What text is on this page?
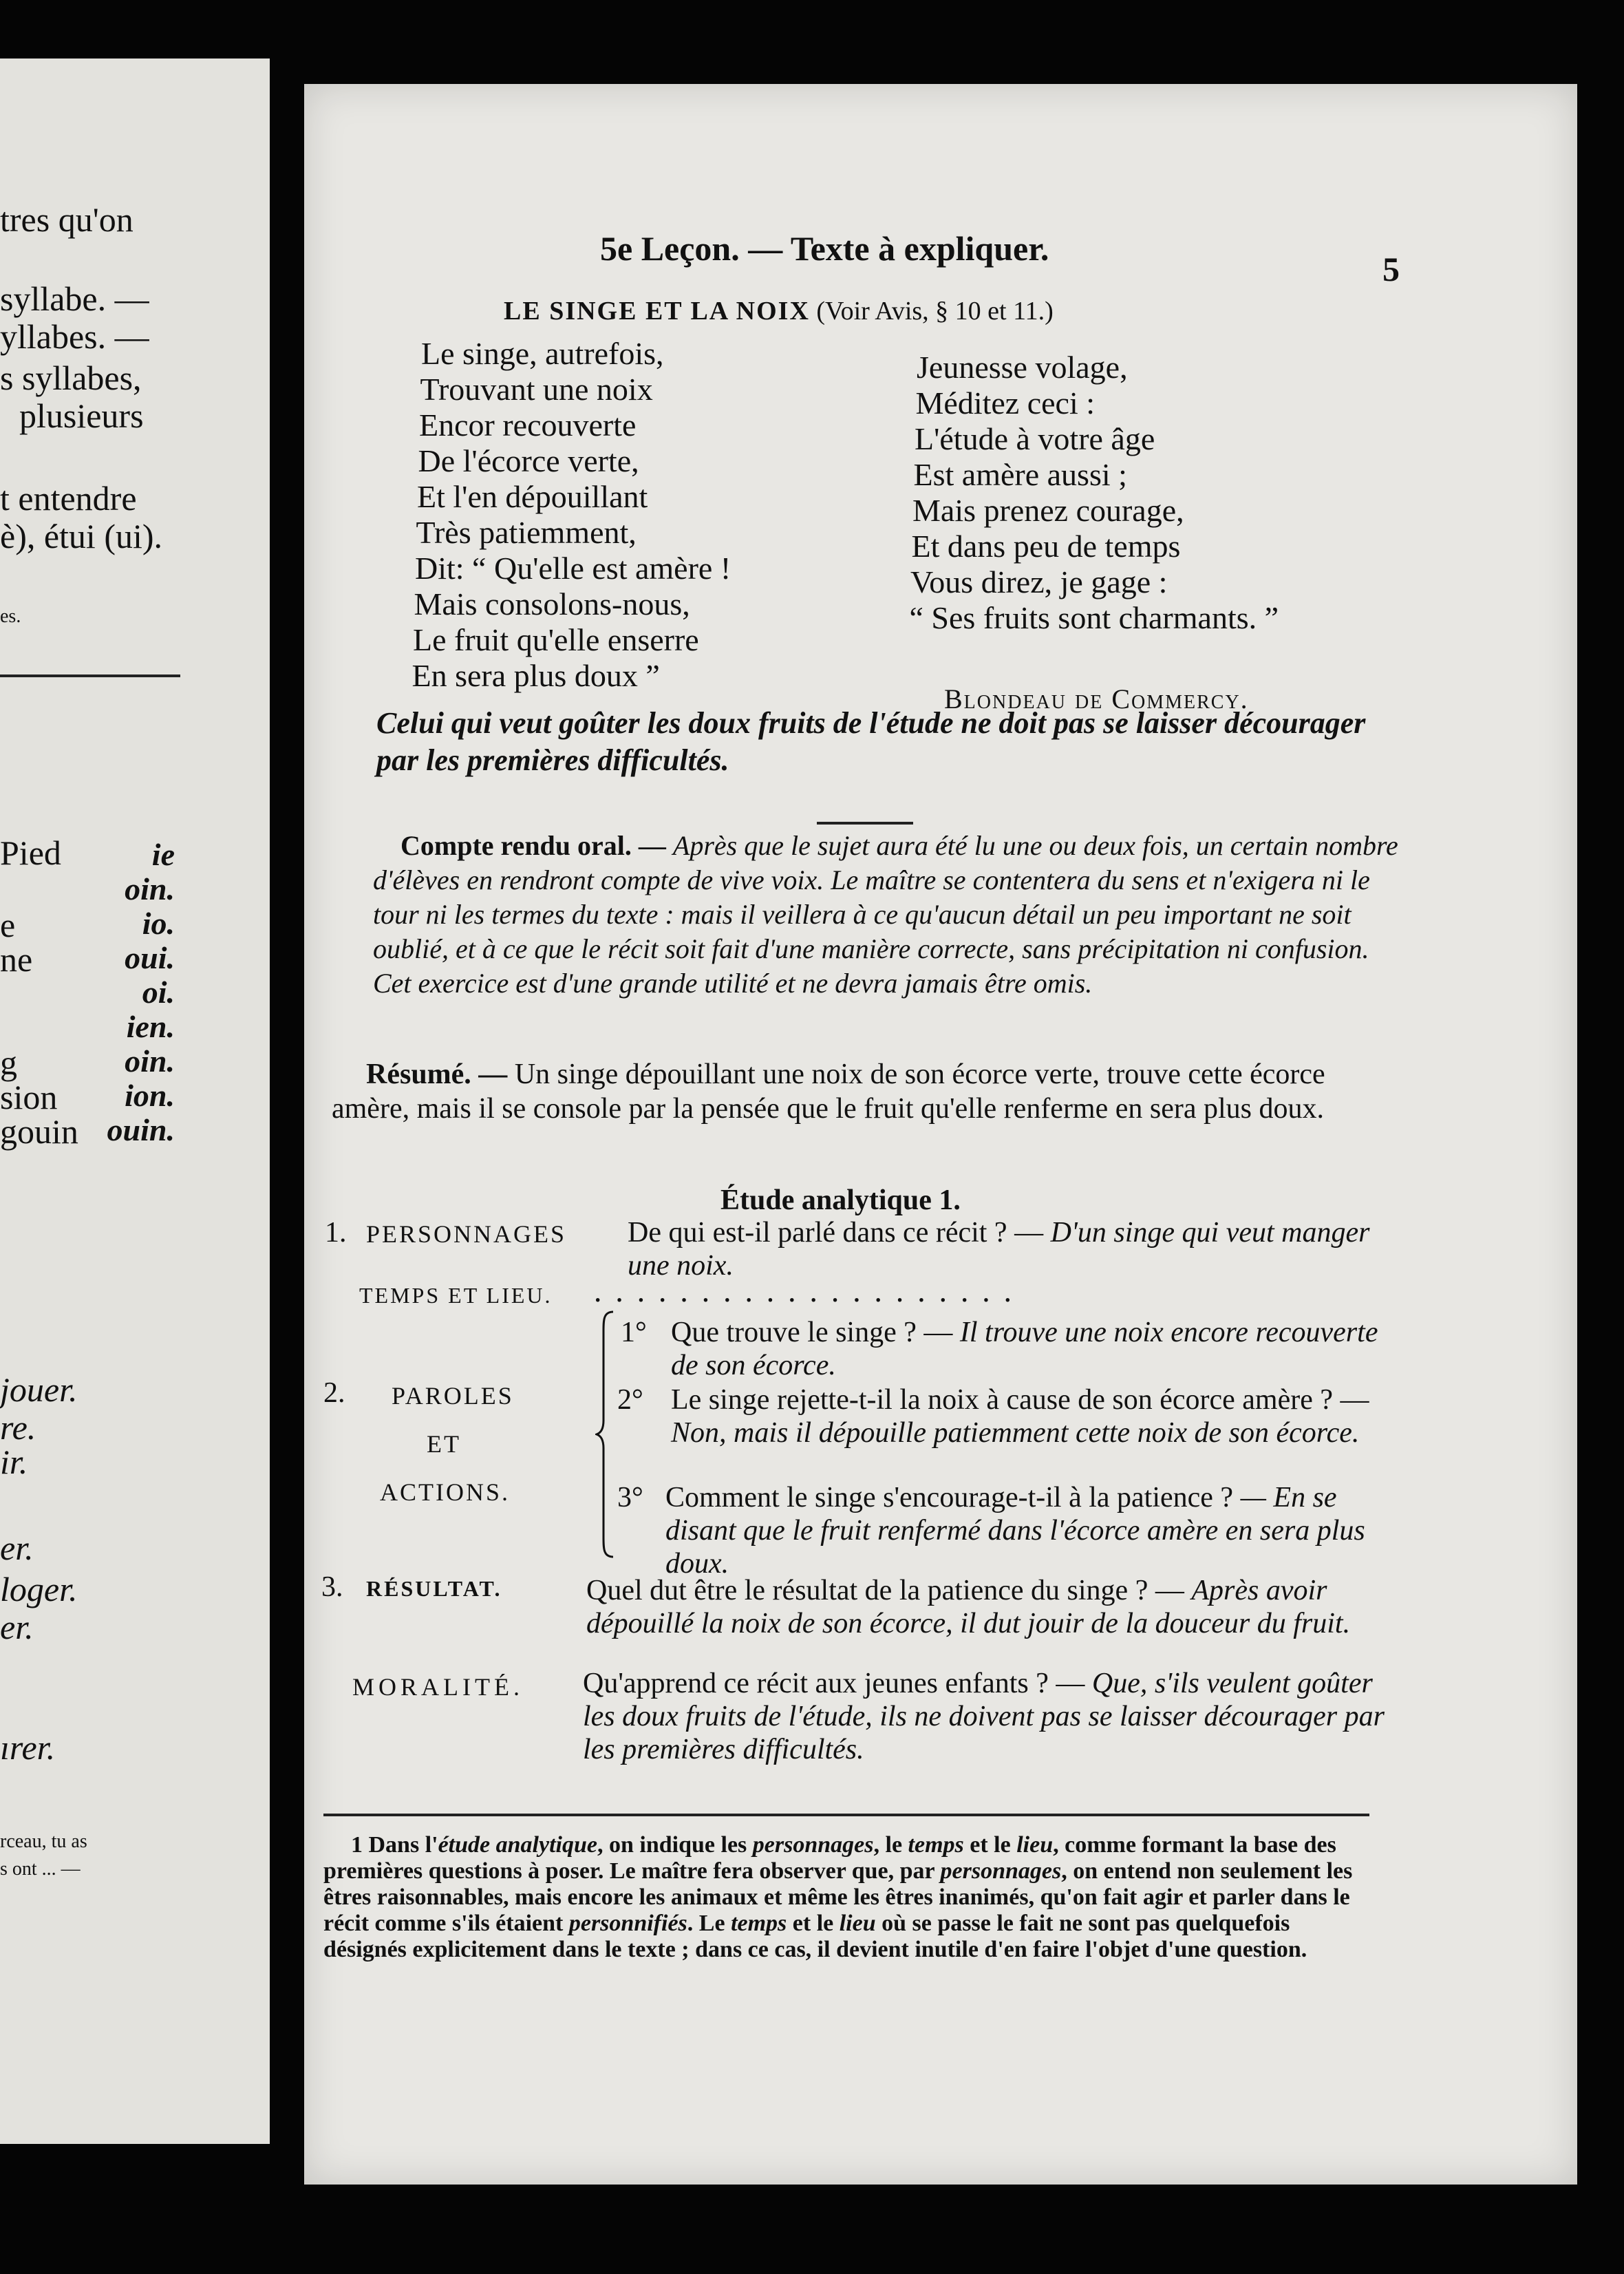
tres qu'on
syllabe. —
yllabes. —
s syllabes,
plusieurs
t entendre
è), étui (ui).
es.
Pied
e
ne
g
sion
gouin
jouer.
re.
ir.
er.
loger.
er.
ırer.
rceau, tu as
s ont ... —
ie
oin.
io.
oui.
oi.
ien.
oin.
ion.
ouin.
5e Leçon. — Texte à expliquer.
5
LE SINGE ET LA NOIX (Voir Avis, § 10 et 11.)
Le singe, autrefois,
Trouvant une noix
Encor recouverte
De l'écorce verte,
Et l'en dépouillant
Très patiemment,
Dit: “ Qu'elle est amère !
Mais consolons-nous,
Le fruit qu'elle enserre
En sera plus doux ”
Jeunesse volage,
Méditez ceci :
L'étude à votre âge
Est amère aussi ;
Mais prenez courage,
Et dans peu de temps
Vous direz, je gage :
“ Ses fruits sont charmants. ”
Blondeau de Commercy.
Celui qui veut goûter les doux fruits de l'étude ne doit pas se laisser décourager par les premières difficultés.
Compte rendu oral. — Après que le sujet aura été lu une ou deux fois, un certain nombre d'élèves en rendront compte de vive voix. Le maître se contentera du sens et n'exigera ni le tour ni les termes du texte : mais il veillera à ce qu'aucun détail un peu important ne soit oublié, et à ce que le récit soit fait d'une manière correcte, sans précipitation ni confusion. Cet exercice est d'une grande utilité et ne devra jamais être omis.
Résumé. — Un singe dépouillant une noix de son écorce verte, trouve cette écorce amère, mais il se console par la pensée que le fruit qu'elle renferme en sera plus doux.
Étude analytique 1.
1. PERSONNAGES De qui est-il parlé dans ce récit ? — D'un singe qui veut manger une noix.
TEMPS ET LIEU. ....................
2. PAROLES
ET
ACTIONS.
1° Que trouve le singe ? — Il trouve une noix encore recouverte de son écorce.
2° Le singe rejette-t-il la noix à cause de son écorce amère ? — Non, mais il dépouille patiemment cette noix de son écorce.
3° Comment le singe s'encourage-t-il à la patience ? — En se disant que le fruit renfermé dans l'écorce amère en sera plus doux.
3. RÉSULTAT.	Quel dut être le résultat de la patience du singe ? — Après avoir dépouillé la noix de son écorce, il dut jouir de la douceur du fruit.
MORALITÉ. Qu'apprend ce récit aux jeunes enfants ? — Que, s'ils veulent goûter les doux fruits de l'étude, ils ne doivent pas se laisser décourager par les premières difficultés.
1 Dans l'étude analytique, on indique les personnages, le temps et le lieu, comme formant la base des premières questions à poser. Le maître fera observer que, par personnages, on entend non seulement les êtres raisonnables, mais encore les animaux et même les êtres inanimés, qu'on fait agir et parler dans le récit comme s'ils étaient personnifiés. Le temps et le lieu où se passe le fait ne sont pas quelquefois désignés explicitement dans le texte ; dans ce cas, il devient inutile d'en faire l'objet d'une question.
